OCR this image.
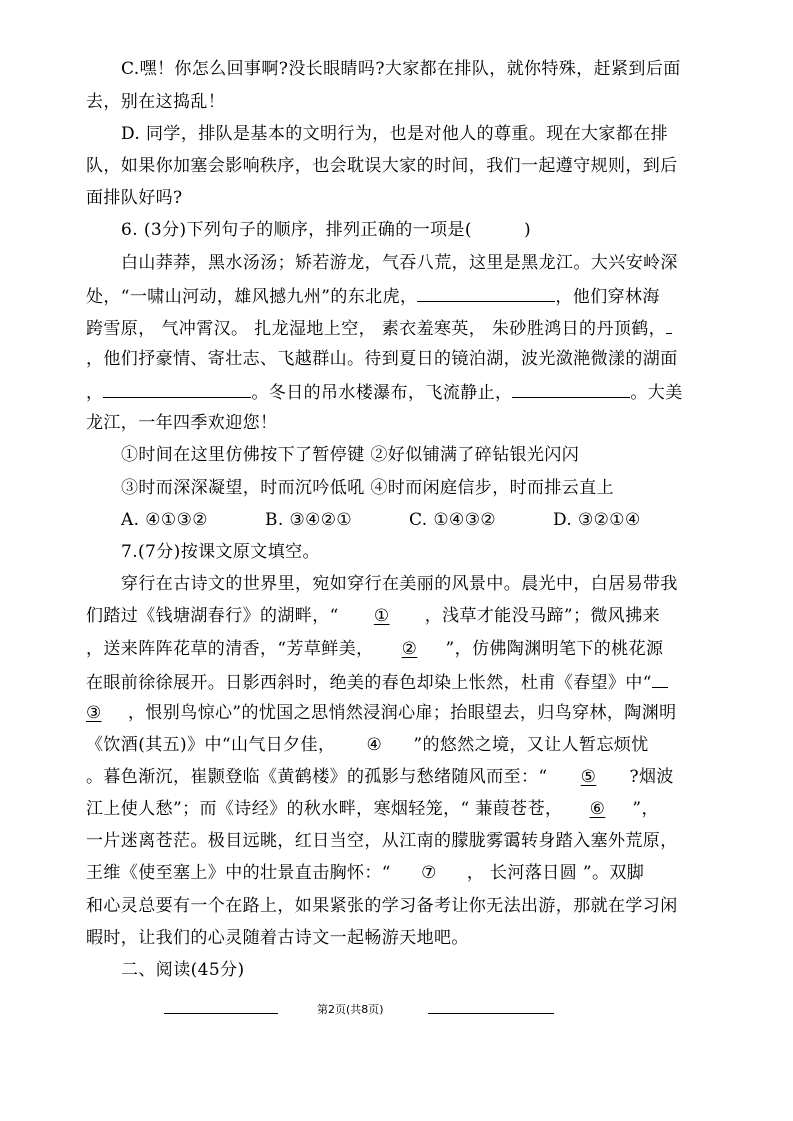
C.嘿！你怎么回事啊?没长眼睛吗?大家都在排队，就你特殊，赶紧到后面
去，别在这捣乱！
D. 同学，排队是基本的文明行为，也是对他人的尊重。现在大家都在排
队，如果你加塞会影响秩序，也会耽误大家的时间，我们一起遵守规则，到后
面排队好吗?
6. (3分)下列句子的顺序，排列正确的一项是(	)
白山莽莽，黑水汤汤；矫若游龙，气吞八荒，这里是黑龙江。大兴安岭深
处，“一啸山河动，雄风撼九州”的东北虎，	，他们穿林海
跨雪原， 气冲霄汉。 扎龙湿地上空， 素衣羞寒英， 朱砂胜鸿日的丹顶鹤，
，他们抒豪情、寄壮志、飞越群山。待到夏日的镜泊湖，波光潋滟微漾的湖面
，	。冬日的吊水楼瀑布，飞流静止，	。大美
龙江，一年四季欢迎您！
①时间在这里仿佛按下了暂停键 ②好似铺满了碎钻银光闪闪
③时而深深凝望，时而沉吟低吼 ④时而闲庭信步，时而排云直上
A. ④①③②	B. ③④②①	C. ①④③②	D. ③②①④
7.(7分)按课文原文填空。
穿行在古诗文的世界里，宛如穿行在美丽的风景中。晨光中，白居易带我
们踏过《钱塘湖春行》的湖畔，“ ① ，浅草才能没马蹄”；微风拂来
，送来阵阵花草的清香，“芳草鲜美， ② ”，仿佛陶渊明笔下的桃花源
在眼前徐徐展开。日影西斜时，绝美的春色却染上怅然，杜甫《春望》中“
③ ，恨别鸟惊心”的忧国之思悄然浸润心扉；抬眼望去，归鸟穿林，陶渊明
《饮酒(其五)》中“山气日夕佳， ④ ”的悠然之境，又让人暂忘烦忧
。暮色渐沉，崔颢登临《黄鹤楼》的孤影与愁绪随风而至：“ ⑤ ?烟波
江上使人愁”；而《诗经》的秋水畔，寒烟轻笼，“ 蒹葭苍苍， ⑥ ”，
一片迷离苍茫。极目远眺，红日当空，从江南的朦胧雾霭转身踏入塞外荒原，
王维《使至塞上》中的壮景直击胸怀：“ ⑦ ， 长河落日圆 ”。双脚
和心灵总要有一个在路上，如果紧张的学习备考让你无法出游，那就在学习闲
暇时，让我们的心灵随着古诗文一起畅游天地吧。
二、阅读(45分)
第2页(共8页)
